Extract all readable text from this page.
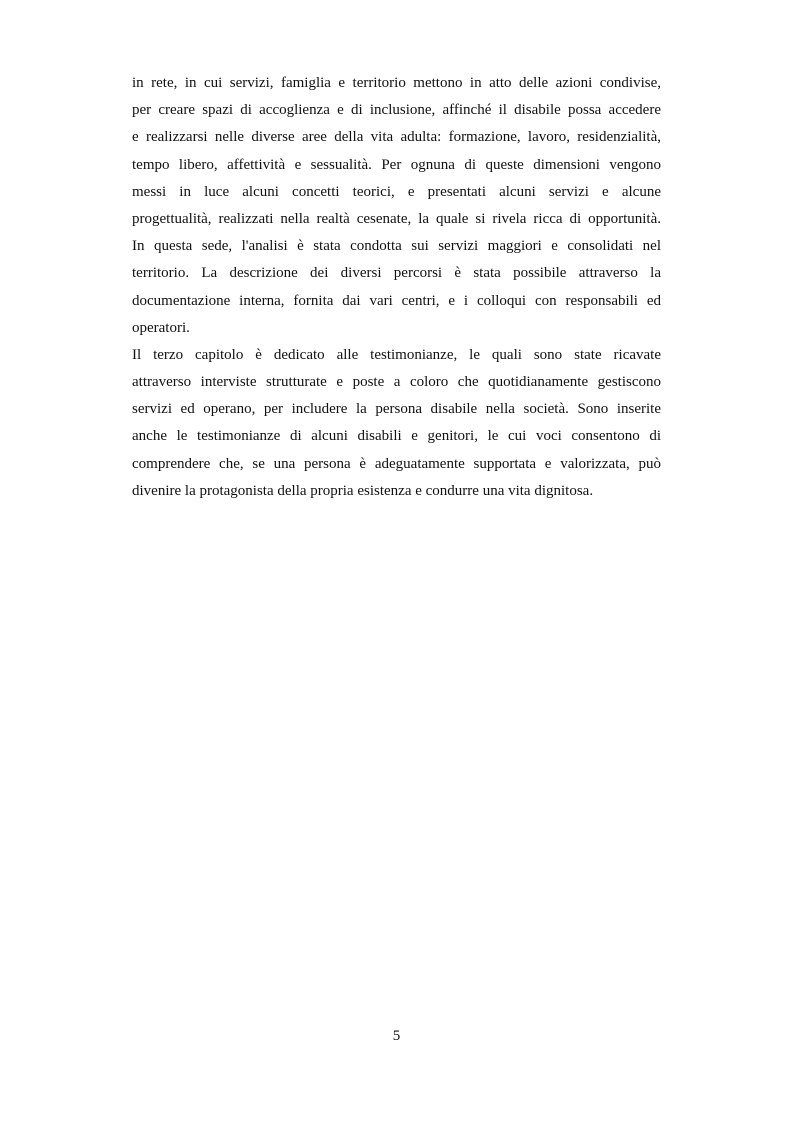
in rete, in cui servizi, famiglia e territorio mettono in atto delle azioni condivise,
per creare spazi di accoglienza e di inclusione, affinché il disabile possa accedere
e realizzarsi nelle diverse aree della vita adulta: formazione, lavoro, residenzialità,
tempo libero, affettività e sessualità. Per ognuna di queste dimensioni vengono
messi in luce alcuni concetti teorici, e presentati alcuni servizi e alcune
progettualità, realizzati nella realtà cesenate, la quale si rivela ricca di opportunità.
In questa sede, l'analisi è stata condotta sui servizi maggiori e consolidati nel
territorio. La descrizione dei diversi percorsi è stata possibile attraverso la
documentazione interna, fornita dai vari centri, e i colloqui con responsabili ed
operatori.
Il terzo capitolo è dedicato alle testimonianze, le quali sono state ricavate
attraverso interviste strutturate e poste a coloro che quotidianamente gestiscono
servizi ed operano, per includere la persona disabile nella società. Sono inserite
anche le testimonianze di alcuni disabili e genitori, le cui voci consentono di
comprendere che, se una persona è adeguatamente supportata e valorizzata, può
divenire la protagonista della propria esistenza e condurre una vita dignitosa.
5
